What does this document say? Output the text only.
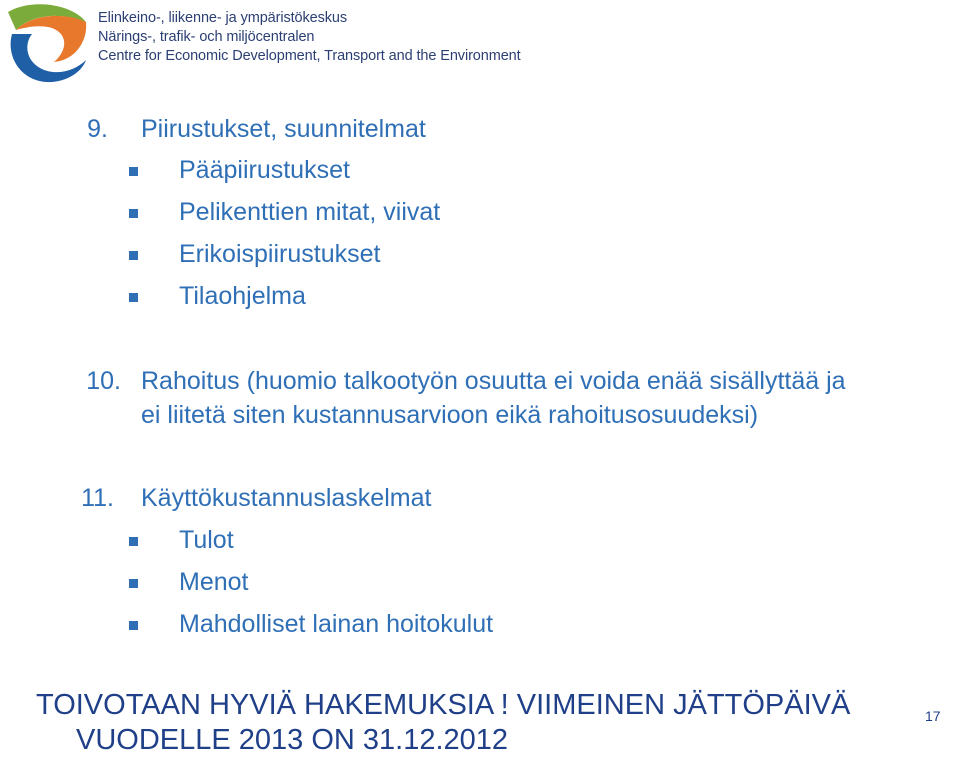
Elinkeino-, liikenne- ja ympäristökeskus
Närings-, trafik- och miljöcentralen
Centre for Economic Development, Transport and the Environment
9. Piirustukset, suunnitelmat
Pääpiirustukset
Pelikenttien mitat, viivat
Erikoispiirustukset
Tilaohjelma
10. Rahoitus (huomio talkootyön osuutta ei voida enää sisällyttää ja
ei liitetä siten kustannusarvioon eikä rahoitusosuudeksi)
11. Käyttökustannuslaskelmat
Tulot
Menot
Mahdolliset lainan hoitokulut
TOIVOTAAN HYVIÄ HAKEMUKSIA ! VIIMEINEN JÄTTÖPÄIVÄ
VUODELLE 2013 ON 31.12.2012
17
